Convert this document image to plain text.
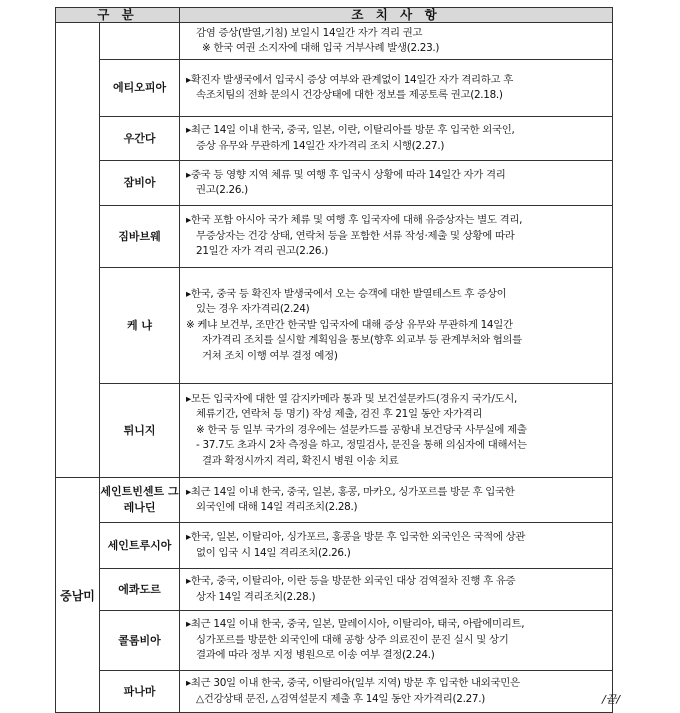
구 분		조 치 사 항

		감염 증상(발열,기침) 보일시 14일간 자가 격리 권고

※ 한국 여권 소지자에 대해 입국 거부사례 발생(2.23.)

	에티오피아	▸확진자 발생국에서 입국시 증상 여부와 관계없이 14일간 자가 격리하고 후

속조치팀의 전화 문의시 건강상태에 대한 정보를 제공토록 권고(2.18.)

	우간다	▸최근 14일 이내 한국, 중국, 일본, 이란, 이탈리아를 방문 후 입국한 외국인,

증상 유무와 무관하게 14일간 자가격리 조치 시행(2.27.)

	잠비아	▸중국 등 영향 지역 체류 및 여행 후 입국시 상황에 따라 14일간 자가 격리

권고(2.26.)

	짐바브웨	▸한국 포함 아시아 국가 체류 및 여행 후 입국자에 대해 유증상자는 별도 격리,

무증상자는 건강 상태, 연락처 등을 포함한 서류 작성·제출 및 상황에 따라

21일간 자가 격리 권고(2.26.)

	케 냐	▸한국, 중국 등 확진자 발생국에서 오는 승객에 대한 발열테스트 후 증상이

있는 경우 자가격리(2.24)

※ 케냐 보건부, 조만간 한국발 입국자에 대해 증상 유무와 무관하게 14일간

자가격리 조치를 실시할 계획임을 통보(향후 외교부 등 관계부처와 협의를

거쳐 조치 이행 여부 결정 예정)

	튀니지	▸모든 입국자에 대한 열 감지카메라 통과 및 보건설문카드(경유지 국가/도시,

체류기간, 연락처 등 명기) 작성 제출, 검진 후 21일 동안 자가격리

※ 한국 등 일부 국가의 경우에는 설문카드를 공항내 보건당국 사무실에 제출

- 37.7도 초과시 2차 측정을 하고, 정밀검사, 문진을 통해 의심자에 대해서는

결과 확정시까지 격리, 확진시 병원 이송 치료

중남미	세인트빈센트 그레나딘	▸최근 14일 이내 한국, 중국, 일본, 홍콩, 마카오, 싱가포르를 방문 후 입국한

외국인에 대해 14일 격리조치(2.28.)

	세인트루시아	▸한국, 일본, 이탈리아, 싱가포르, 홍콩을 방문 후 입국한 외국인은 국적에 상관

없이 입국 시 14일 격리조치(2.26.)

	에콰도르	▸한국, 중국, 이탈리아, 이란 등을 방문한 외국인 대상 검역절차 진행 후 유증

상자 14일 격리조치(2.28.)

	콜롬비아	▸최근 14일 이내 한국, 중국, 일본, 말레이시아, 이탈리아, 태국, 아랍에미리트,

싱가포르를 방문한 외국인에 대해 공항 상주 의료진이 문진 실시 및 상기

결과에 따라 정부 지정 병원으로 이송 여부 결정(2.24.)

	파나마	▸최근 30일 이내 한국, 중국, 이탈리아(일부 지역) 방문 후 입국한 내외국민은

△건강상태 문진, △검역설문지 제출 후 14일 동안 자가격리(2.27.)	/끝/
